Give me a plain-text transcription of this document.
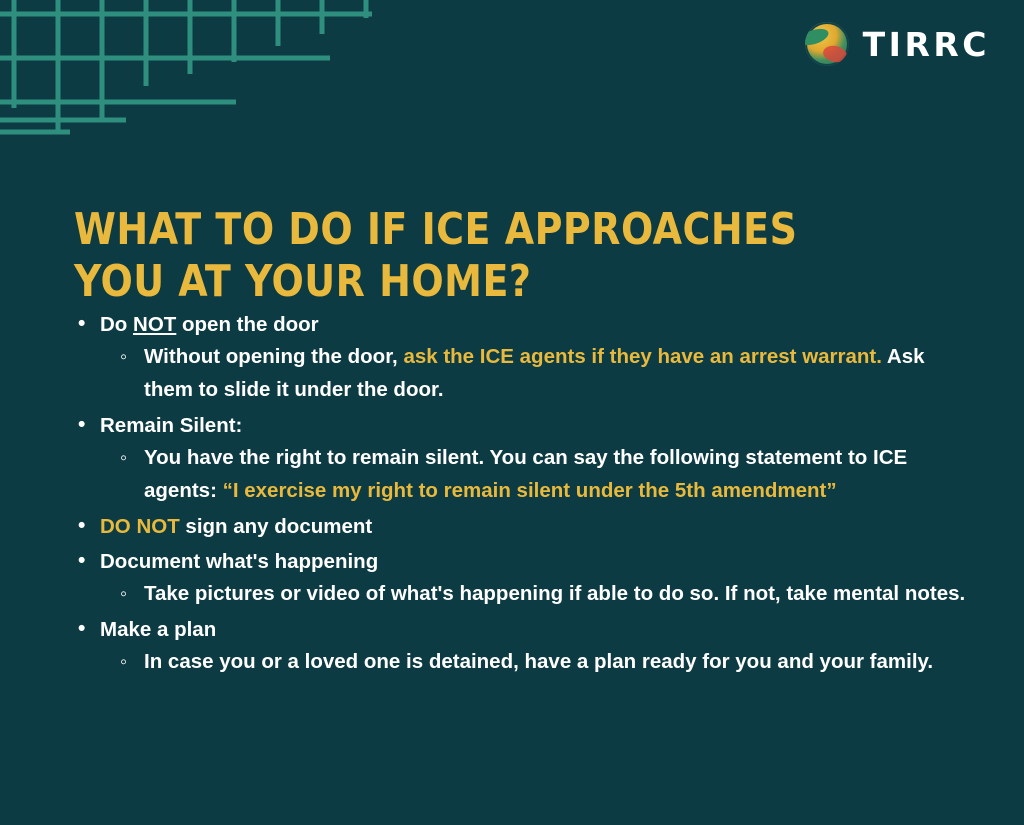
TIRRC
WHAT TO DO IF ICE APPROACHES YOU AT YOUR HOME?
• Do NOT open the door
◦ Without opening the door, ask the ICE agents if they have an arrest warrant. Ask them to slide it under the door.
• Remain Silent:
◦ You have the right to remain silent. You can say the following statement to ICE agents: “I exercise my right to remain silent under the 5th amendment”
• DO NOT sign any document
• Document what's happening
◦ Take pictures or video of what's happening if able to do so. If not, take mental notes.
• Make a plan
◦ In case you or a loved one is detained, have a plan ready for you and your family.
